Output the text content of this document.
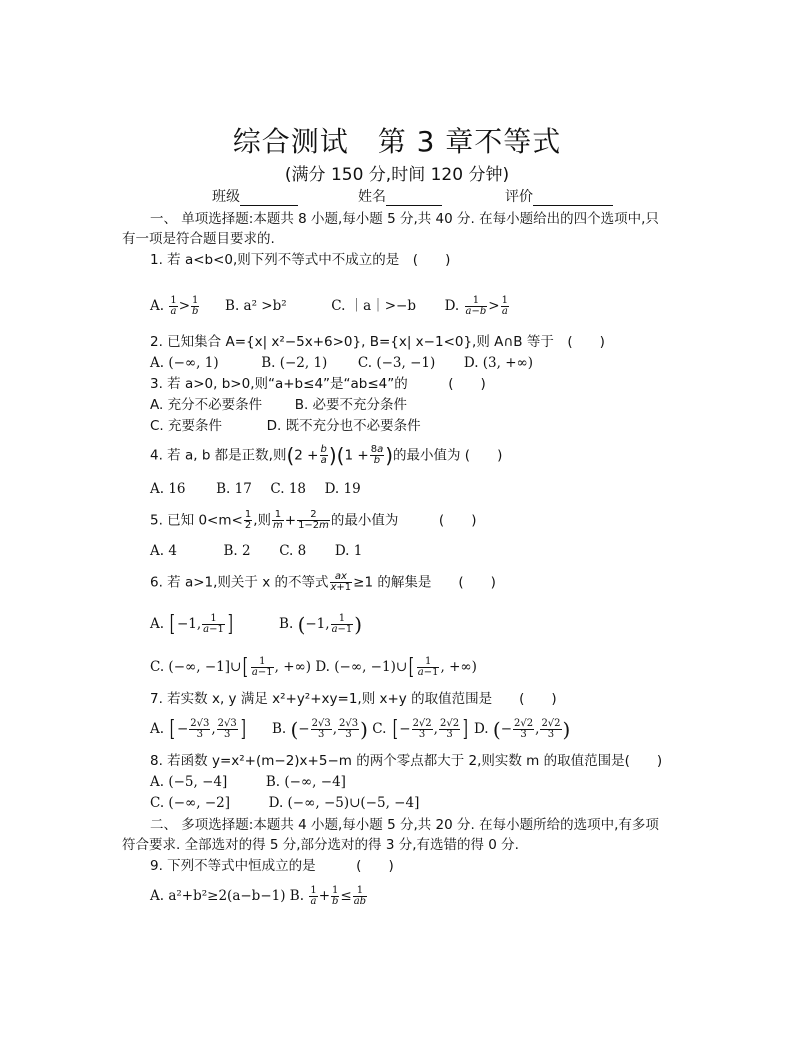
综合测试　第 3 章不等式
(满分 150 分,时间 120 分钟)
班级	姓名	评价
一、 单项选择题:本题共 8 小题,每小题 5 分,共 40 分. 在每小题给出的四个选项中,只
有一项是符合题目要求的.
1. 若 a<b<0,则下列不等式中不成立的是　(　　)
A. $\frac{1}{a} > \frac{1}{b} B$. a² >b²	C. ｜a｜>−b D. $\frac{1}{a-b} > \frac{1}{a}$
2. 已知集合 A={x| x²−5x+6>0}, B={x| x−1<0},则 A∩B 等于　(　　)
A. (−∞, 1)	B. (−2, 1) C. (−3, −1) D. (3, +∞)
3. 若 a>0, b>0,则“a+b≤4”是“ab≤4”的　　　(　　)
A. 充分不必要条件 B. 必要不充分条件
C. 充要条件	D. 既不充分也不必要条件
4. 若 a, b 都是正数,则$(2 + \frac{b}{a} )(1 + \frac{8a}{b}$ )的最小值为 (　　)
A. 16 B. 17 C. 18 D. 19
5. 已知 $0<m< \frac{1}{2}$ ,则 $\frac{1}{m} + \frac{2}{1-2m}$ 的最小值为　　　(　　)
A. 4	B. 2 C. 8 D. 1
6. 若 a>1,则关于 x 的不等式 $\frac{ax}{x+1} \ge 1$ 的解集是　　(　　)
A. [ −1, $\frac{1}{a-1}$ ]	B. (−1, $\frac{1}{a-1}$ )
C. (−∞, −1]∪[ $\frac{1}{a-1}$ , +∞) D. (−∞, −1)∪[ $\frac{1}{a-1}$ , +∞)
7. 若实数 x, y 满足 x²+y²+xy=1,则 x+y 的取值范围是　　(　　)
A. [ − $\frac{2√3}{3}$ , $\frac{2√3}{3}$ ] B. (− $\frac{2√3}{3}$ , $\frac{2√3}{3}$ ) C. [ − $\frac{2√2}{3}$ , $\frac{2√2}{3}$ ] D. (− $\frac{2√2}{3}$ , $\frac{2√2}{3}$ )
8. 若函数 y=x²+(m−2)x+5−m 的两个零点都大于 2,则实数 m 的取值范围是(　　)
A. (−5, −4]	B. (−∞, −4]
C. (−∞, −2]	D. (−∞, −5)∪(−5, −4]
二、 多项选择题:本题共 4 小题,每小题 5 分,共 20 分. 在每小题所给的选项中,有多项
符合要求. 全部选对的得 5 分,部分选对的得 3 分,有选错的得 0 分.
9. 下列不等式中恒成立的是　　　(　　)
A. a²+b²≥2(a−b−1) B. $\frac{1}{a} + \frac{1}{b} \le \frac{1}{ab}$
